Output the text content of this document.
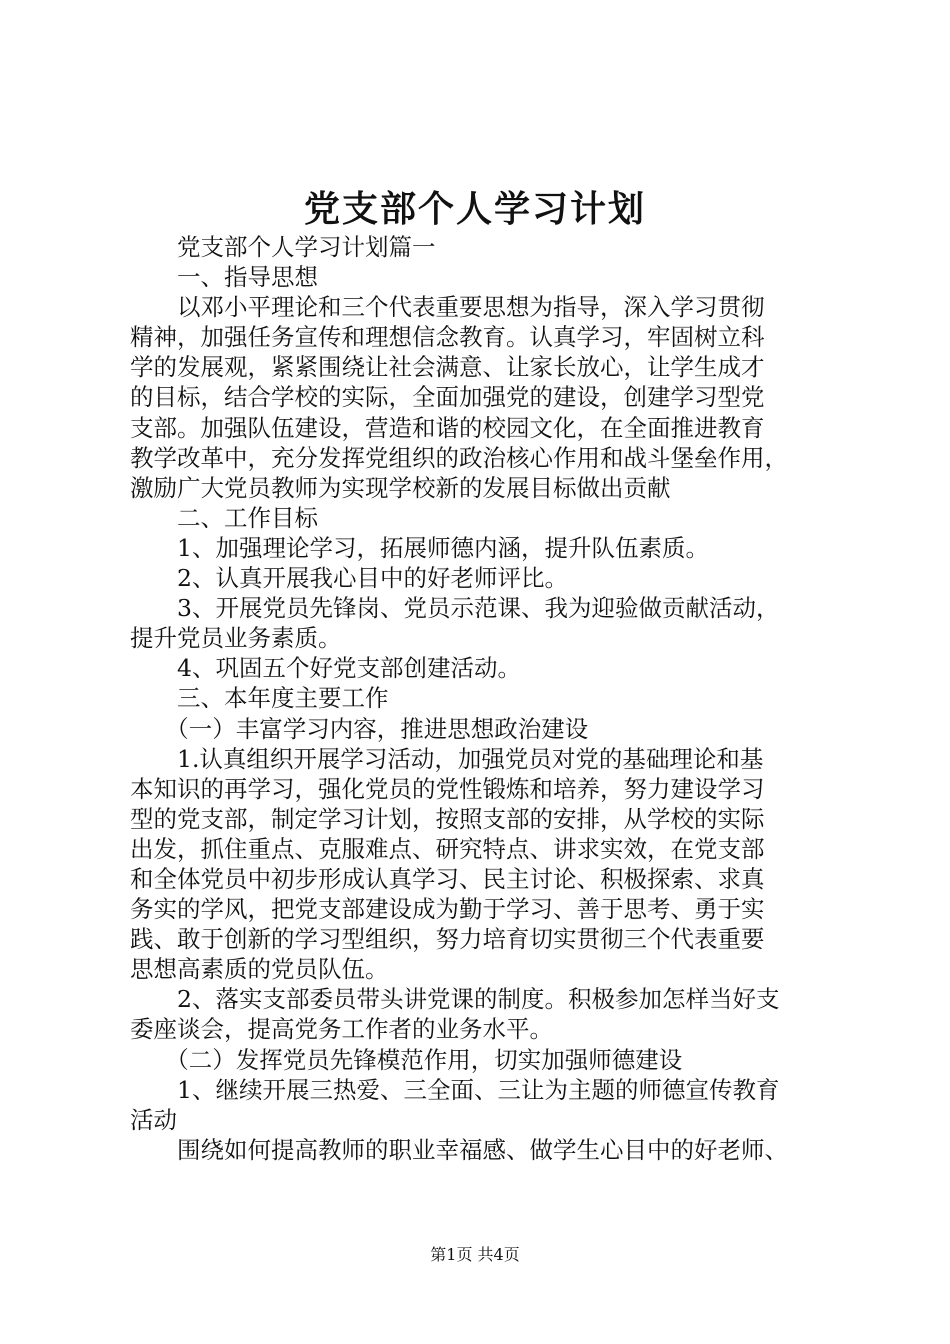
党支部个人学习计划

　　党支部个人学习计划篇一

　　一、指导思想

　　以邓小平理论和三个代表重要思想为指导，深入学习贯彻

精神，加强任务宣传和理想信念教育。认真学习，牢固树立科

学的发展观，紧紧围绕让社会满意、让家长放心，让学生成才

的目标，结合学校的实际，全面加强党的建设，创建学习型党

支部。加强队伍建设，营造和谐的校园文化，在全面推进教育

教学改革中，充分发挥党组织的政治核心作用和战斗堡垒作用，

激励广大党员教师为实现学校新的发展目标做出贡献

　　二、工作目标

　　1、加强理论学习，拓展师德内涵，提升队伍素质。

　　2、认真开展我心目中的好老师评比。

　　3、开展党员先锋岗、党员示范课、我为迎验做贡献活动，

提升党员业务素质。

　　4、巩固五个好党支部创建活动。

　　三、本年度主要工作

　　（一）丰富学习内容，推进思想政治建设

　　1.认真组织开展学习活动，加强党员对党的基础理论和基

本知识的再学习，强化党员的党性锻炼和培养，努力建设学习

型的党支部，制定学习计划，按照支部的安排，从学校的实际

出发，抓住重点、克服难点、研究特点、讲求实效，在党支部

和全体党员中初步形成认真学习、民主讨论、积极探索、求真

务实的学风，把党支部建设成为勤于学习、善于思考、勇于实

践、敢于创新的学习型组织，努力培育切实贯彻三个代表重要

思想高素质的党员队伍。

　　2、落实支部委员带头讲党课的制度。积极参加怎样当好支

委座谈会，提高党务工作者的业务水平。

　　（二）发挥党员先锋模范作用，切实加强师德建设

　　1、继续开展三热爱、三全面、三让为主题的师德宣传教育

活动

　　围绕如何提高教师的职业幸福感、做学生心目中的好老师、

第1页 共4页
